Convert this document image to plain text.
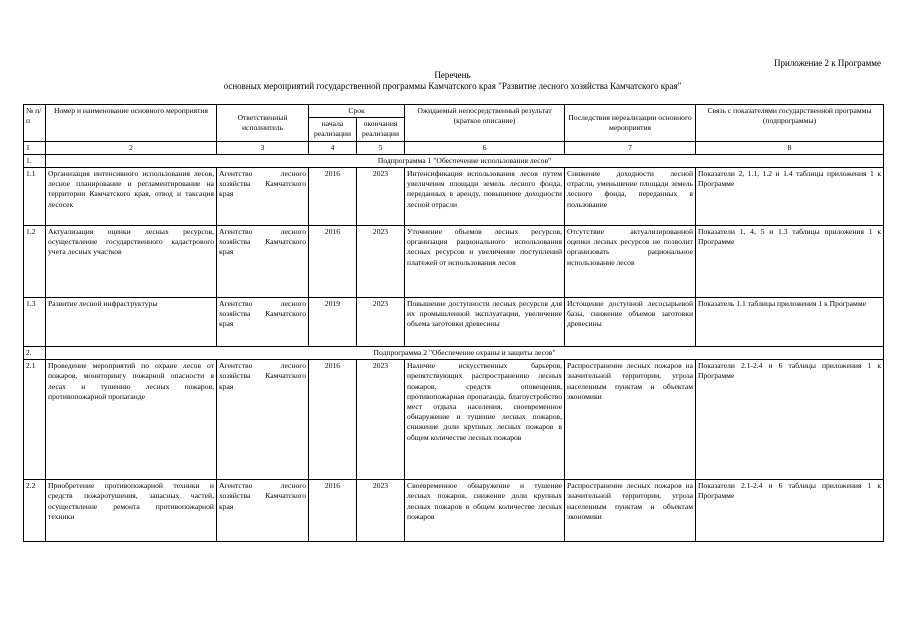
Приложение 2 к Программе
Перечень
основных мероприятий государственной программы Камчатского края "Развитие лесного хозяйства Камчатского края"
№ п/п	Номер и наименование основного мероприятия	Ответственный исполнитель	Срок		Ожидаемый непосредственный результат (краткое описание)	Последствия нереализации основного мероприятия	Связь с показателями государственной программы (подпрограммы)
			начала реализации	окончания реализации			
1	2	3	4	5	6	7	8
1.	Подпрограмма 1 "Обеспечение использования лесов"						
1.1	Организация интенсивного использования лесов, лесное планирование и регламентирование на территории Камчатского края, отвод и таксация лесосек	Агентство лесного хозяйства Камчатского края	2016	2023	Интенсификация использования лесов путем увеличения площади земель лесного фонда, переданных в аренду, повышение доходности лесной отрасли	Снижение доходности лесной отрасли, уменьшение площади земель лесного фонда, переданных в пользование	Показатели 2, 1.1, 1.2 и 1.4 таблицы приложения 1 к Программе
1.2	Актуализация оценки лесных ресурсов, осуществление государственного кадастрового учета лесных участков	Агентство лесного хозяйства Камчатского края	2016	2023	Уточнение объемов лесных ресурсов, организация рационального использования лесных ресурсов и увеличение поступлений платежей от использования лесов	Отсутствие актуализированной оценки лесных ресурсов не позволит организовать рациональное использование лесов	Показатели 1, 4, 5 и 1.3 таблицы приложения 1 к Программе
1.3	Развитие лесной инфраструктуры	Агентство лесного хозяйства Камчатского края	2019	2023	Повышение доступности лесных ресурсов для их промышленной эксплуатации, увеличение объема заготовки древесины	Истощение доступной лесосырьевой базы, снижение объемов заготовки древесины	Показатель 1.1 таблицы приложения 1 к Программе
2.	Подпрограмма 2 "Обеспечение охраны и защиты лесов"						
2.1	Проведение мероприятий по охране лесов от пожаров, мониторингу пожарной опасности в лесах и тушению лесных пожаров, противопожарной пропаганде	Агентство лесного хозяйства Камчатского края	2016	2023	Наличие искусственных барьеров, препятствующих распространению лесных пожаров, средств оповещения, противопожарная пропаганда, благоустройство мест отдыха населения, своевременное обнаружение и тушение лесных пожаров, снижение доли крупных лесных пожаров в общем количестве лесных пожаров	Распространение лесных пожаров на значительной территории, угроза населенным пунктам и объектам экономики	Показатели 2.1-2.4 и 6 таблицы приложения 1 к Программе
2.2	Приобретение противопожарной техники и средств пожаротушения, запасных частей, осуществление ремонта противопожарной техники	Агентство лесного хозяйства Камчатского края	2016	2023	Своевременное обнаружение и тушение лесных пожаров, снижение доли крупных лесных пожаров в общем количестве лесных пожаров	Распространение лесных пожаров на значительной территории, угроза населенным пунктам и объектам экономики	Показатели 2.1-2.4 и 6 таблицы приложения 1 к Программе
